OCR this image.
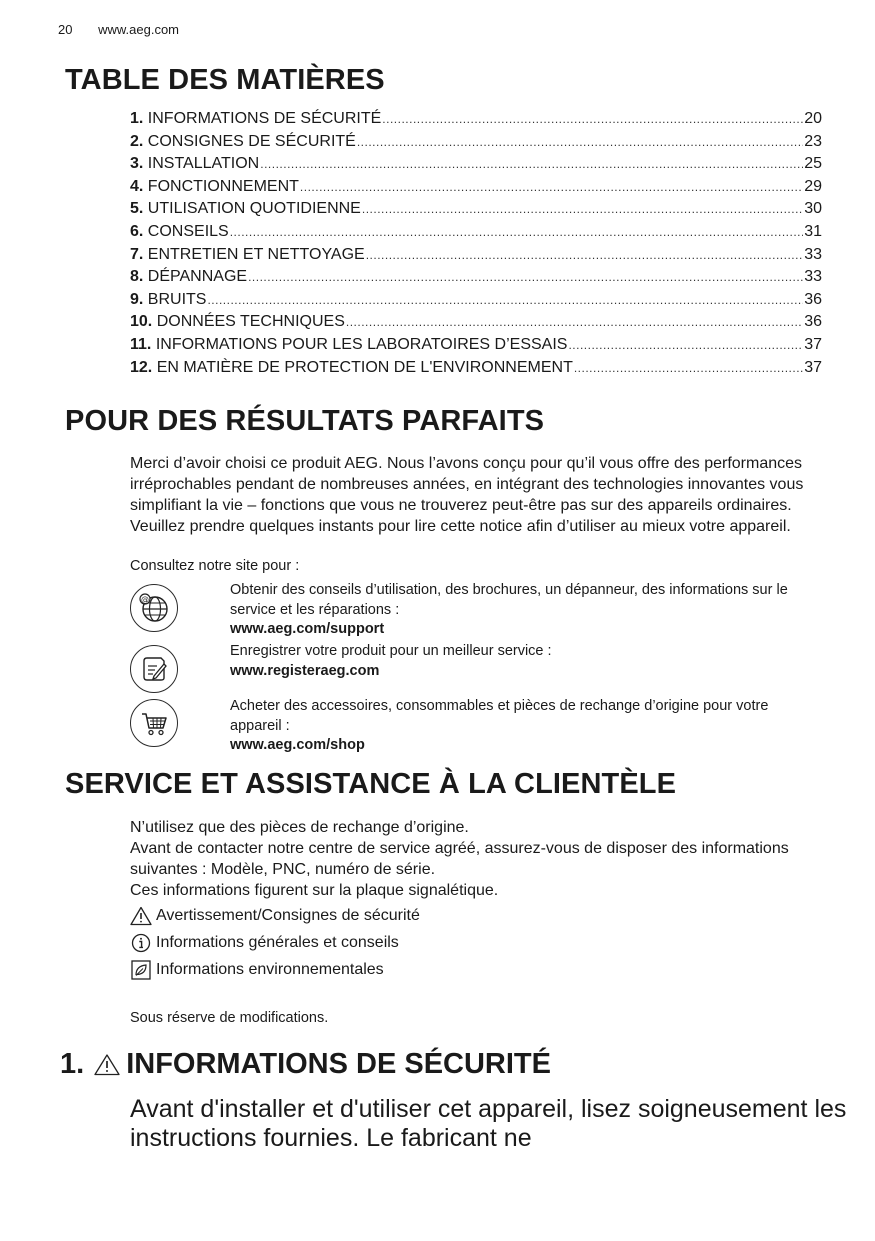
20 www.aeg.com
TABLE DES MATIÈRES
1. INFORMATIONS DE SÉCURITÉ .....	20
2. CONSIGNES DE SÉCURITÉ .....	23
3. INSTALLATION .....	25
4. FONCTIONNEMENT .....	29
5. UTILISATION QUOTIDIENNE .....	30
6. CONSEILS .....	31
7. ENTRETIEN ET NETTOYAGE .....	33
8. DÉPANNAGE .....	33
9. BRUITS .....	36
10. DONNÉES TECHNIQUES .....	36
11. INFORMATIONS POUR LES LABORATOIRES D’ESSAIS .....	37
12. EN MATIÈRE DE PROTECTION DE L'ENVIRONNEMENT .....	37
POUR DES RÉSULTATS PARFAITS

Merci d’avoir choisi ce produit AEG. Nous l’avons conçu pour qu’il vous offre des performances irréprochables pendant de nombreuses années, en intégrant des technologies innovantes vous simplifiant la vie – fonctions que vous ne trouverez peut-être pas sur des appareils ordinaires. Veuillez prendre quelques instants pour lire cette notice afin d’utiliser au mieux votre appareil.

Consultez notre site pour :

@
Obtenir des conseils d’utilisation, des brochures, un dépanneur, des informations sur le service et les réparations :
www.aeg.com/support
Enregistrer votre produit pour un meilleur service :
www.registeraeg.com
Acheter des accessoires, consommables et pièces de rechange d’origine pour votre appareil :
www.aeg.com/shop
SERVICE ET ASSISTANCE À LA CLIENTÈLE

N’utilisez que des pièces de rechange d’origine.

Avant de contacter notre centre de service agréé, assurez-vous de disposer des informations suivantes : Modèle, PNC, numéro de série.

Ces informations figurent sur la plaque signalétique.

Avertissement/Consignes de sécurité
Informations générales et conseils
Informations environnementales

Sous réserve de modifications.

1. INFORMATIONS DE SÉCURITÉ

Avant d'installer et d'utiliser cet appareil, lisez soigneusement les instructions fournies. Le fabricant ne
